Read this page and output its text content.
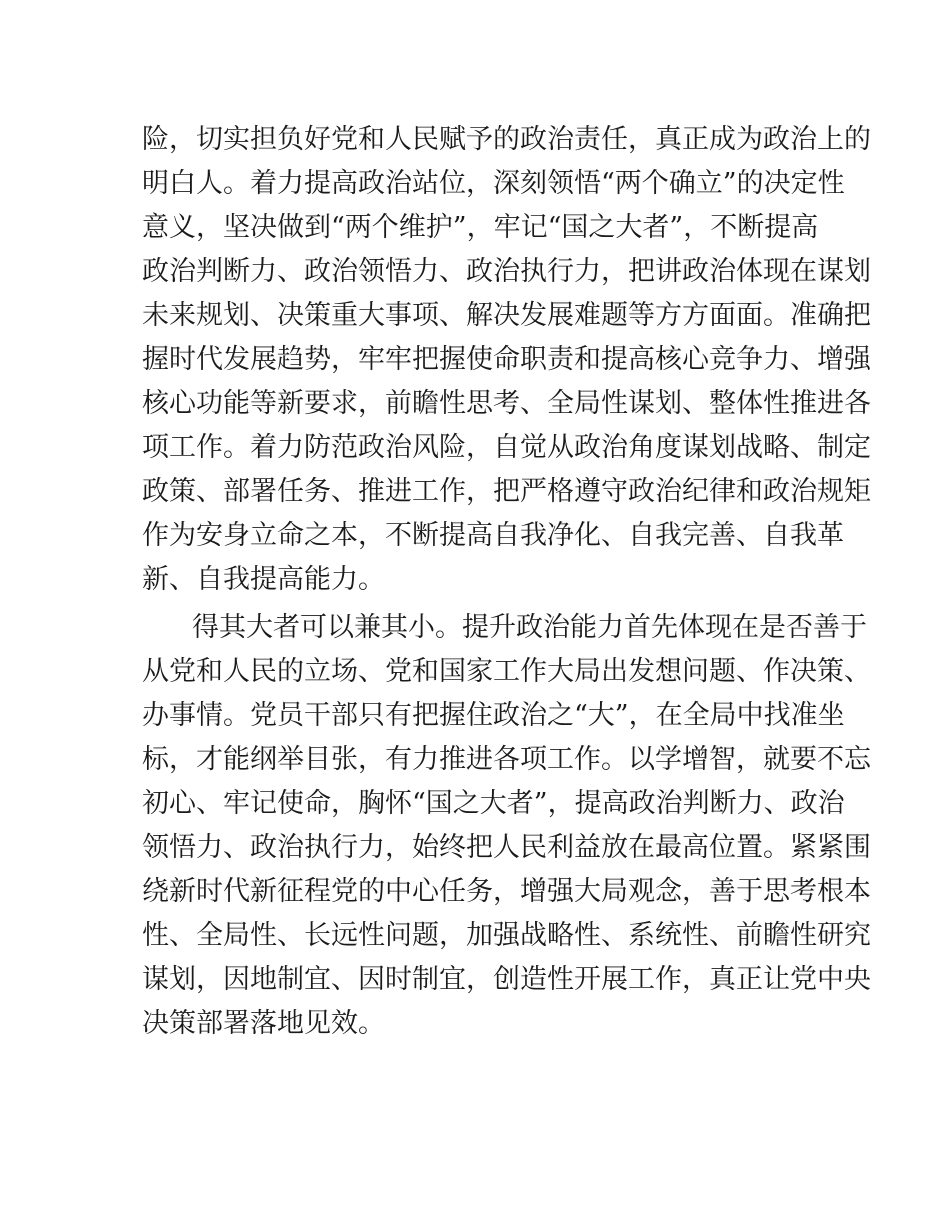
险，切实担负好党和人民赋予的政治责任，真正成为政治上的
明白人。着力提高政治站位，深刻领悟“两个确立”的决定性
意义，坚决做到“两个维护”，牢记“国之大者”，不断提高
政治判断力、政治领悟力、政治执行力，把讲政治体现在谋划
未来规划、决策重大事项、解决发展难题等方方面面。准确把
握时代发展趋势，牢牢把握使命职责和提高核心竞争力、增强
核心功能等新要求，前瞻性思考、全局性谋划、整体性推进各
项工作。着力防范政治风险，自觉从政治角度谋划战略、制定
政策、部署任务、推进工作，把严格遵守政治纪律和政治规矩
作为安身立命之本，不断提高自我净化、自我完善、自我革
新、自我提高能力。
得其大者可以兼其小。提升政治能力首先体现在是否善于
从党和人民的立场、党和国家工作大局出发想问题、作决策、
办事情。党员干部只有把握住政治之“大”，在全局中找准坐
标，才能纲举目张，有力推进各项工作。以学增智，就要不忘
初心、牢记使命，胸怀“国之大者”，提高政治判断力、政治
领悟力、政治执行力，始终把人民利益放在最高位置。紧紧围
绕新时代新征程党的中心任务，增强大局观念，善于思考根本
性、全局性、长远性问题，加强战略性、系统性、前瞻性研究
谋划，因地制宜、因时制宜，创造性开展工作，真正让党中央
决策部署落地见效。
